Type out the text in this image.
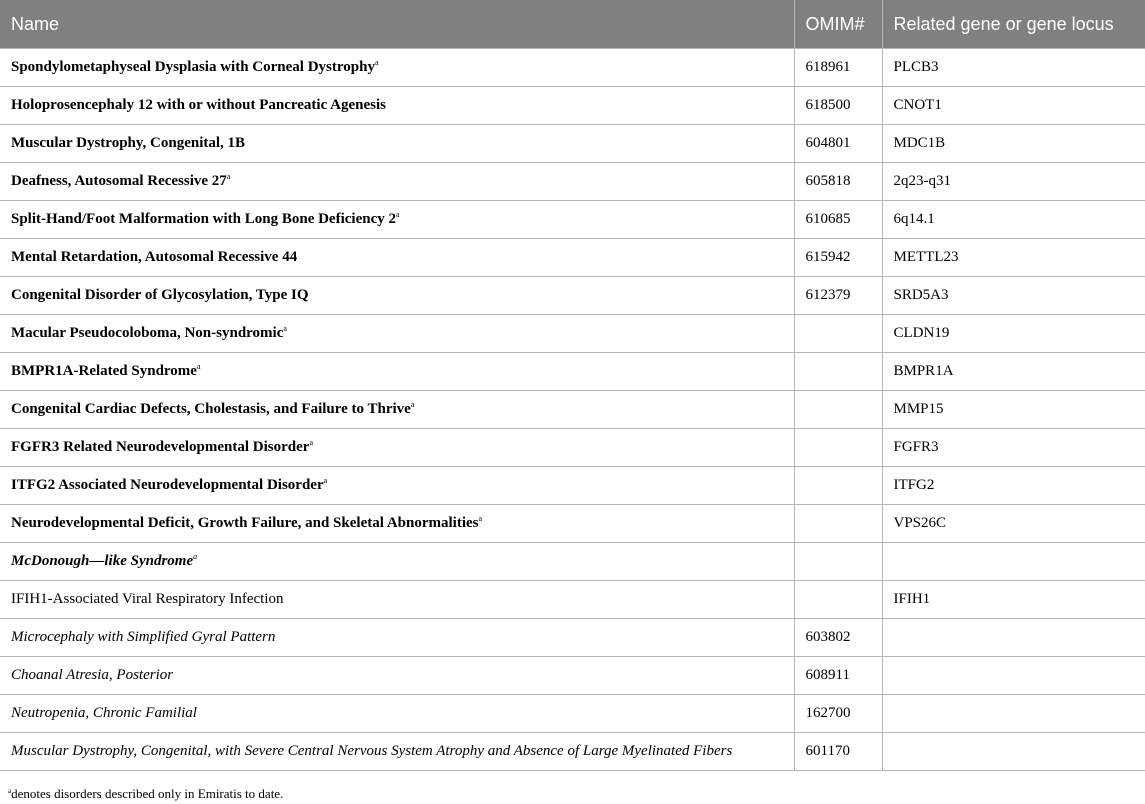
Name	OMIM#	Related gene or gene locus
Spondylometaphyseal Dysplasia with Corneal Dystrophy$^a$	618961	PLCB3
Holoprosencephaly 12 with or without Pancreatic Agenesis	618500	CNOT1
Muscular Dystrophy, Congenital, 1B	604801	MDC1B
Deafness, Autosomal Recessive 27$^a$	605818	2q23-q31
Split-Hand/Foot Malformation with Long Bone Deficiency 2$^a$	610685	6q14.1
Mental Retardation, Autosomal Recessive 44	615942	METTL23
Congenital Disorder of Glycosylation, Type IQ	612379	SRD5A3
Macular Pseudocoloboma, Non-syndromic$^a$		CLDN19
BMPR1A-Related Syndrome$^a$		BMPR1A
Congenital Cardiac Defects, Cholestasis, and Failure to Thrive$^a$		MMP15
FGFR3 Related Neurodevelopmental Disorder$^a$		FGFR3
ITFG2 Associated Neurodevelopmental Disorder$^a$		ITFG2
Neurodevelopmental Deficit, Growth Failure, and Skeletal Abnormalities$^a$		VPS26C
McDonough—like Syndrome$^a$		
IFIH1-Associated Viral Respiratory Infection		IFIH1
Microcephaly with Simplified Gyral Pattern	603802	
Choanal Atresia, Posterior	608911	
Neutropenia, Chronic Familial	162700	
Muscular Dystrophy, Congenital, with Severe Central Nervous System Atrophy and Absence of Large Myelinated Fibers	601170	
$^a$denotes disorders described only in Emiratis to date.
